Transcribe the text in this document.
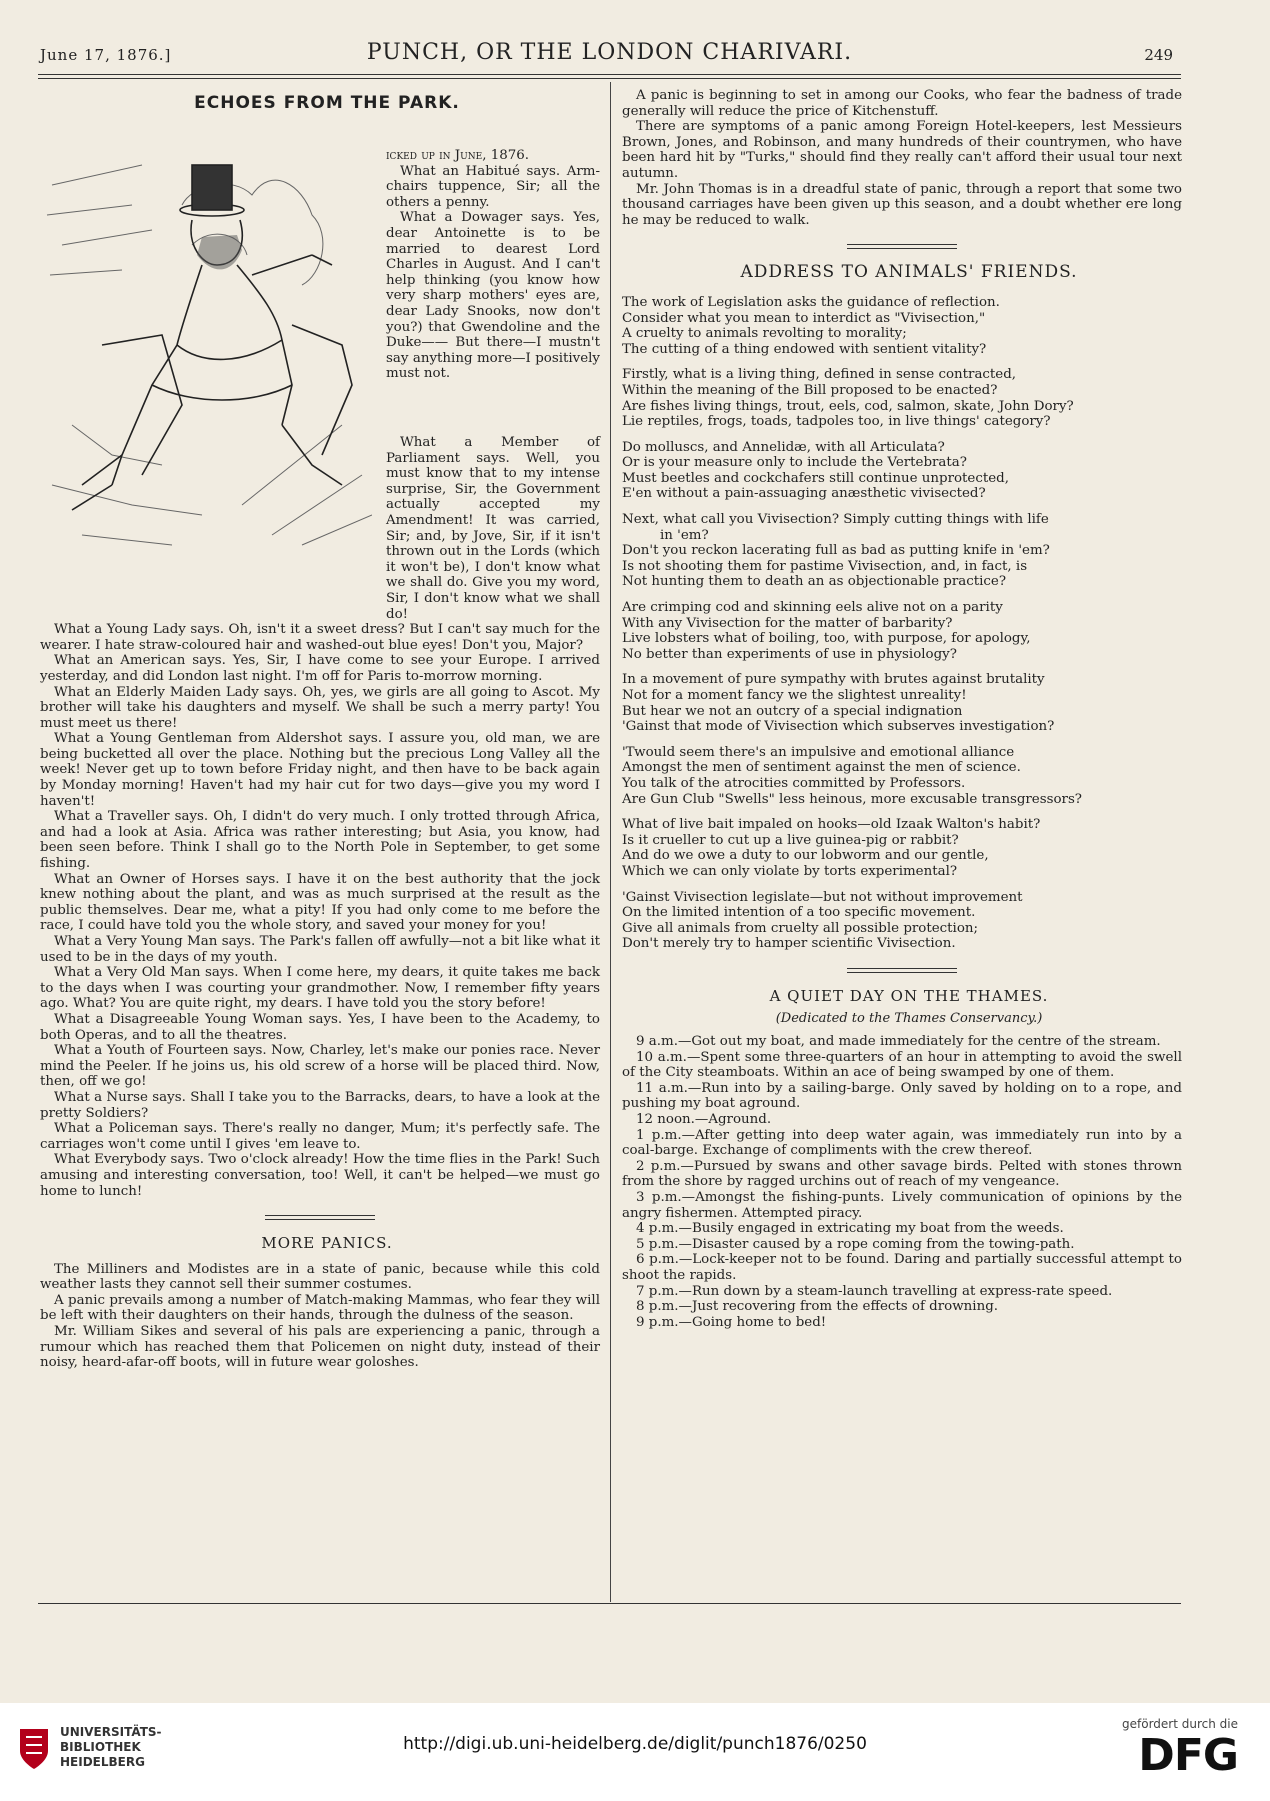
June 17, 1876.]	PUNCH, OR THE LONDON CHARIVARI.	249

ECHOES FROM THE PARK.

icked up in June, 1876.

What an Habitué says. Arm-chairs tuppence, Sir; all the others a penny.

What a Dowager says. Yes, dear Antoinette is to be married to dearest Lord Charles in August. And I can't help thinking (you know how very sharp mothers' eyes are, dear Lady Snooks, now don't you?) that Gwendoline and the Duke—— But there—I mustn't say anything more—I positively must not.

What a Member of Parliament says. Well, you must know that to my intense surprise, Sir, the Government actually accepted my Amendment! It was carried, Sir; and, by Jove, Sir, if it isn't thrown out in the Lords (which it won't be), I don't know what we shall do. Give you my word, Sir, I don't know what we shall do!

What a Young Lady says. Oh, isn't it a sweet dress? But I can't say much for the wearer. I hate straw-coloured hair and washed-out blue eyes! Don't you, Major?

What an American says. Yes, Sir, I have come to see your Europe. I arrived yesterday, and did London last night. I'm off for Paris to-morrow morning.

What an Elderly Maiden Lady says. Oh, yes, we girls are all going to Ascot. My brother will take his daughters and myself. We shall be such a merry party! You must meet us there!

What a Young Gentleman from Aldershot says. I assure you, old man, we are being bucketted all over the place. Nothing but the precious Long Valley all the week! Never get up to town before Friday night, and then have to be back again by Monday morning! Haven't had my hair cut for two days—give you my word I haven't!

What a Traveller says. Oh, I didn't do very much. I only trotted through Africa, and had a look at Asia. Africa was rather interesting; but Asia, you know, had been seen before. Think I shall go to the North Pole in September, to get some fishing.

What an Owner of Horses says. I have it on the best authority that the jock knew nothing about the plant, and was as much surprised at the result as the public themselves. Dear me, what a pity! If you had only come to me before the race, I could have told you the whole story, and saved your money for you!

What a Very Young Man says. The Park's fallen off awfully—not a bit like what it used to be in the days of my youth.

What a Very Old Man says. When I come here, my dears, it quite takes me back to the days when I was courting your grandmother. Now, I remember fifty years ago. What? You are quite right, my dears. I have told you the story before!

What a Disagreeable Young Woman says. Yes, I have been to the Academy, to both Operas, and to all the theatres.

What a Youth of Fourteen says. Now, Charley, let's make our ponies race. Never mind the Peeler. If he joins us, his old screw of a horse will be placed third. Now, then, off we go!

What a Nurse says. Shall I take you to the Barracks, dears, to have a look at the pretty Soldiers?

What a Policeman says. There's really no danger, Mum; it's perfectly safe. The carriages won't come until I gives 'em leave to.

What Everybody says. Two o'clock already! How the time flies in the Park! Such amusing and interesting conversation, too! Well, it can't be helped—we must go home to lunch!

MORE PANICS.

The Milliners and Modistes are in a state of panic, because while this cold weather lasts they cannot sell their summer costumes.

A panic prevails among a number of Match-making Mammas, who fear they will be left with their daughters on their hands, through the dulness of the season.

Mr. William Sikes and several of his pals are experiencing a panic, through a rumour which has reached them that Policemen on night duty, instead of their noisy, heard-afar-off boots, will in future wear goloshes.

A panic is beginning to set in among our Cooks, who fear the badness of trade generally will reduce the price of Kitchenstuff.

There are symptoms of a panic among Foreign Hotel-keepers, lest Messieurs Brown, Jones, and Robinson, and many hundreds of their countrymen, who have been hard hit by "Turks," should find they really can't afford their usual tour next autumn.

Mr. John Thomas is in a dreadful state of panic, through a report that some two thousand carriages have been given up this season, and a doubt whether ere long he may be reduced to walk.

ADDRESS TO ANIMALS' FRIENDS.

The work of Legislation asks the guidance of reflection.

Consider what you mean to interdict as "Vivisection,"

A cruelty to animals revolting to morality;

The cutting of a thing endowed with sentient vitality?

Firstly, what is a living thing, defined in sense contracted,

Within the meaning of the Bill proposed to be enacted?

Are fishes living things, trout, eels, cod, salmon, skate, John Dory?

Lie reptiles, frogs, toads, tadpoles too, in live things' category?

Do molluscs, and Annelidæ, with all Articulata?

Or is your measure only to include the Vertebrata?

Must beetles and cockchafers still continue unprotected,

E'en without a pain-assuaging anæsthetic vivisected?

Next, what call you Vivisection? Simply cutting things with life

in 'em?

Don't you reckon lacerating full as bad as putting knife in 'em?

Is not shooting them for pastime Vivisection, and, in fact, is

Not hunting them to death an as objectionable practice?

Are crimping cod and skinning eels alive not on a parity

With any Vivisection for the matter of barbarity?

Live lobsters what of boiling, too, with purpose, for apology,

No better than experiments of use in physiology?

In a movement of pure sympathy with brutes against brutality

Not for a moment fancy we the slightest unreality!

But hear we not an outcry of a special indignation

'Gainst that mode of Vivisection which subserves investigation?

'Twould seem there's an impulsive and emotional alliance

Amongst the men of sentiment against the men of science.

You talk of the atrocities committed by Professors.

Are Gun Club "Swells" less heinous, more excusable transgressors?

What of live bait impaled on hooks—old Izaak Walton's habit?

Is it crueller to cut up a live guinea-pig or rabbit?

And do we owe a duty to our lobworm and our gentle,

Which we can only violate by torts experimental?

'Gainst Vivisection legislate—but not without improvement

On the limited intention of a too specific movement.

Give all animals from cruelty all possible protection;

Don't merely try to hamper scientific Vivisection.

A QUIET DAY ON THE THAMES.

(Dedicated to the Thames Conservancy.)

9 a.m.—Got out my boat, and made immediately for the centre of the stream.

10 a.m.—Spent some three-quarters of an hour in attempting to avoid the swell of the City steamboats. Within an ace of being swamped by one of them.

11 a.m.—Run into by a sailing-barge. Only saved by holding on to a rope, and pushing my boat aground.

12 noon.—Aground.

1 p.m.—After getting into deep water again, was immediately run into by a coal-barge. Exchange of compliments with the crew thereof.

2 p.m.—Pursued by swans and other savage birds. Pelted with stones thrown from the shore by ragged urchins out of reach of my vengeance.

3 p.m.—Amongst the fishing-punts. Lively communication of opinions by the angry fishermen. Attempted piracy.

4 p.m.—Busily engaged in extricating my boat from the weeds.

5 p.m.—Disaster caused by a rope coming from the towing-path.

6 p.m.—Lock-keeper not to be found. Daring and partially successful attempt to shoot the rapids.

7 p.m.—Run down by a steam-launch travelling at express-rate speed.

8 p.m.—Just recovering from the effects of drowning.

9 p.m.—Going home to bed!

UNIVERSITÄTS-
BIBLIOTHEK
HEIDELBERG
http://digi.ub.uni-heidelberg.de/diglit/punch1876/0250
gefördert durch die
DFG
